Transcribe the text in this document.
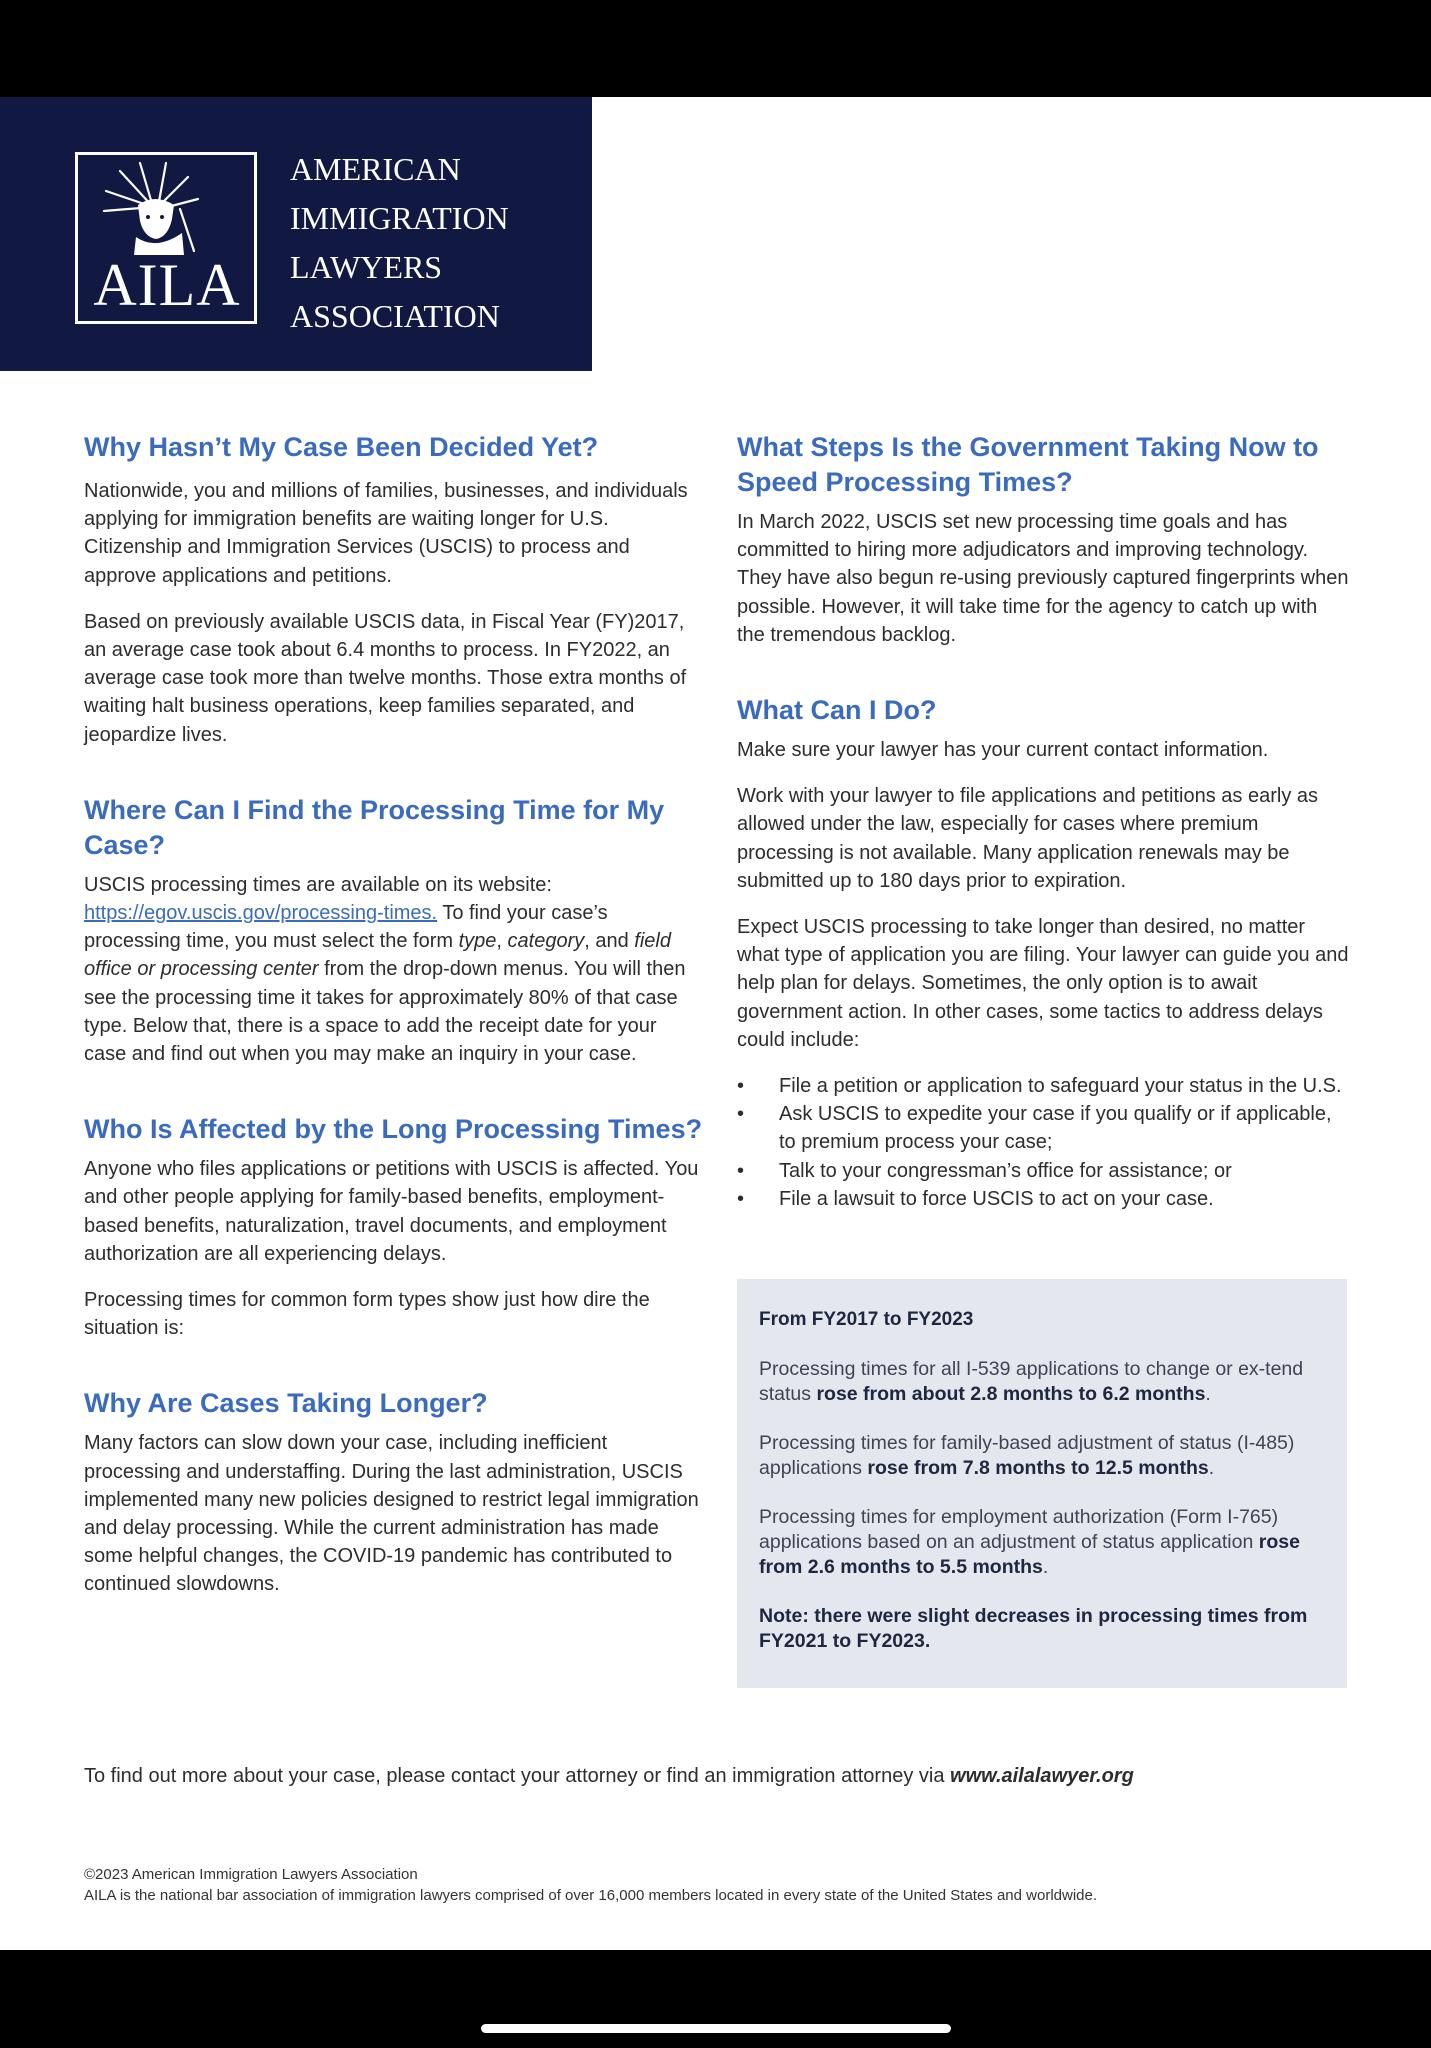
AILA
AMERICAN
IMMIGRATION
LAWYERS
ASSOCIATION
Why Hasn’t My Case Been Decided Yet?

Nationwide, you and millions of families, businesses, and individuals applying for immigration benefits are waiting longer for U.S. Citizenship and Immigration Services (USCIS) to process and approve applications and petitions.

Based on previously available USCIS data, in Fiscal Year (FY)2017, an average case took about 6.4 months to process. In FY2022, an average case took more than twelve months. Those extra months of waiting halt business operations, keep families separated, and jeopardize lives.

Where Can I Find the Processing Time for My Case?

USCIS processing times are available on its website: https://egov.uscis.gov/processing-times. To find your case’s processing time, you must select the form type, category, and field office or processing center from the drop-down menus. You will then see the processing time it takes for approximately 80% of that case type. Below that, there is a space to add the receipt date for your case and find out when you may make an inquiry in your case.

Who Is Affected by the Long Processing Times?

Anyone who files applications or petitions with USCIS is affected. You and other people applying for family-based benefits, employment-based benefits, naturalization, travel documents, and employment authorization are all experiencing delays.

Processing times for common form types show just how dire the situation is:

Why Are Cases Taking Longer?

Many factors can slow down your case, including inefficient processing and understaffing. During the last administration, USCIS implemented many new policies designed to restrict legal immigration and delay processing. While the current administration has made some helpful changes, the COVID-19 pandemic has contributed to continued slowdowns.

What Steps Is the Government Taking Now to Speed Processing Times?

In March 2022, USCIS set new processing time goals and has committed to hiring more adjudicators and improving technology. They have also begun re-using previously captured fingerprints when possible. However, it will take time for the agency to catch up with the tremendous backlog.

What Can I Do?

Make sure your lawyer has your current contact information.

Work with your lawyer to file applications and petitions as early as allowed under the law, especially for cases where premium processing is not available. Many application renewals may be submitted up to 180 days prior to expiration.

Expect USCIS processing to take longer than desired, no matter what type of application you are filing. Your lawyer can guide you and help plan for delays. Sometimes, the only option is to await government action. In other cases, some tactics to address delays could include:

• File a petition or application to safeguard your status in the U.S.
• Ask USCIS to expedite your case if you qualify or if applicable, to premium process your case;
• Talk to your congressman’s office for assistance; or
• File a lawsuit to force USCIS to act on your case.
From FY2017 to FY2023
Processing times for all I-539 applications to change or ex-tend status rose from about 2.8 months to 6.2 months.
Processing times for family-based adjustment of status (I-485) applications rose from 7.8 months to 12.5 months.
Processing times for employment authorization (Form I-765) applications based on an adjustment of status application rose from 2.6 months to 5.5 months.
Note: there were slight decreases in processing times from FY2021 to FY2023.
To find out more about your case, please contact your attorney or find an immigration attorney via www.ailalawyer.org
©2023 American Immigration Lawyers Association
AILA is the national bar association of immigration lawyers comprised of over 16,000 members located in every state of the United States and worldwide.
